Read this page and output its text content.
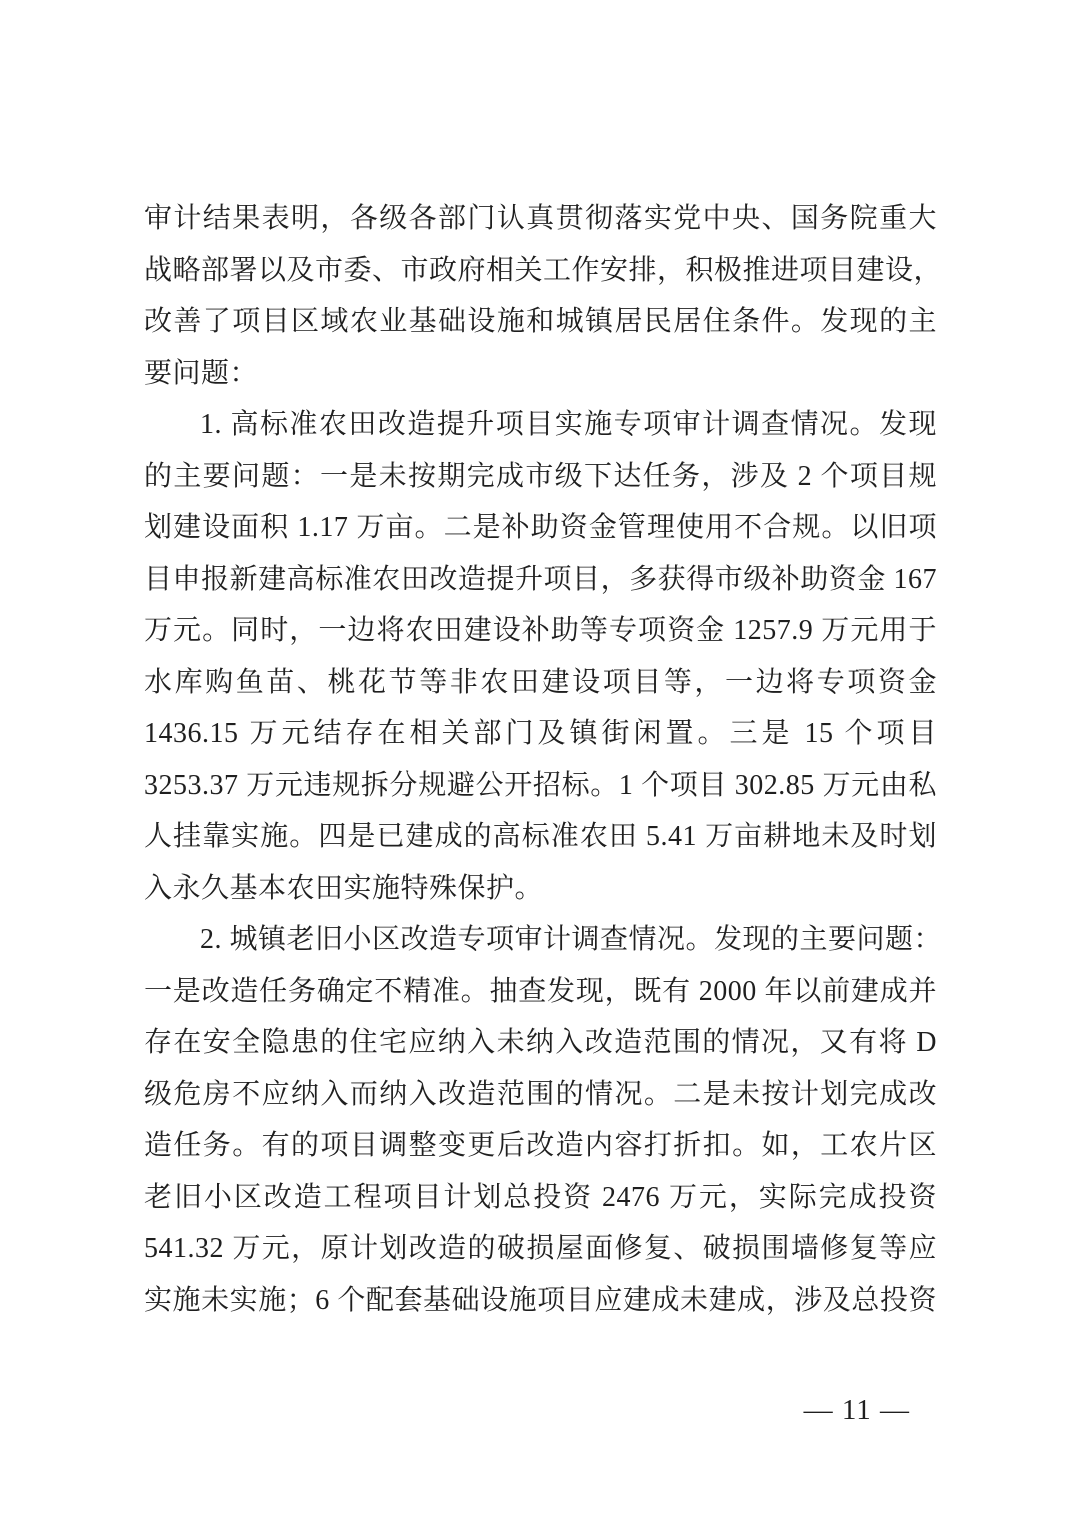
审计结果表明，各级各部门认真贯彻落实党中央、国务院重大
战略部署以及市委、市政府相关工作安排，积极推进项目建设，
改善了项目区域农业基础设施和城镇居民居住条件。发现的主
要问题：
1. 高标准农田改造提升项目实施专项审计调查情况。发现
的主要问题：一是未按期完成市级下达任务，涉及 2 个项目规
划建设面积 1.17 万亩。二是补助资金管理使用不合规。以旧项
目申报新建高标准农田改造提升项目，多获得市级补助资金 167
万元。同时，一边将农田建设补助等专项资金 1257.9 万元用于
水库购鱼苗、桃花节等非农田建设项目等，一边将专项资金
1436.15 万元结存在相关部门及镇街闲置。三是 15 个项目
3253.37 万元违规拆分规避公开招标。1 个项目 302.85 万元由私
人挂靠实施。四是已建成的高标准农田 5.41 万亩耕地未及时划
入永久基本农田实施特殊保护。
2. 城镇老旧小区改造专项审计调查情况。发现的主要问题：
一是改造任务确定不精准。抽查发现，既有 2000 年以前建成并
存在安全隐患的住宅应纳入未纳入改造范围的情况，又有将 D
级危房不应纳入而纳入改造范围的情况。二是未按计划完成改
造任务。有的项目调整变更后改造内容打折扣。如，工农片区
老旧小区改造工程项目计划总投资 2476 万元，实际完成投资
541.32 万元，原计划改造的破损屋面修复、破损围墙修复等应
实施未实施；6 个配套基础设施项目应建成未建成，涉及总投资
— 11 —
